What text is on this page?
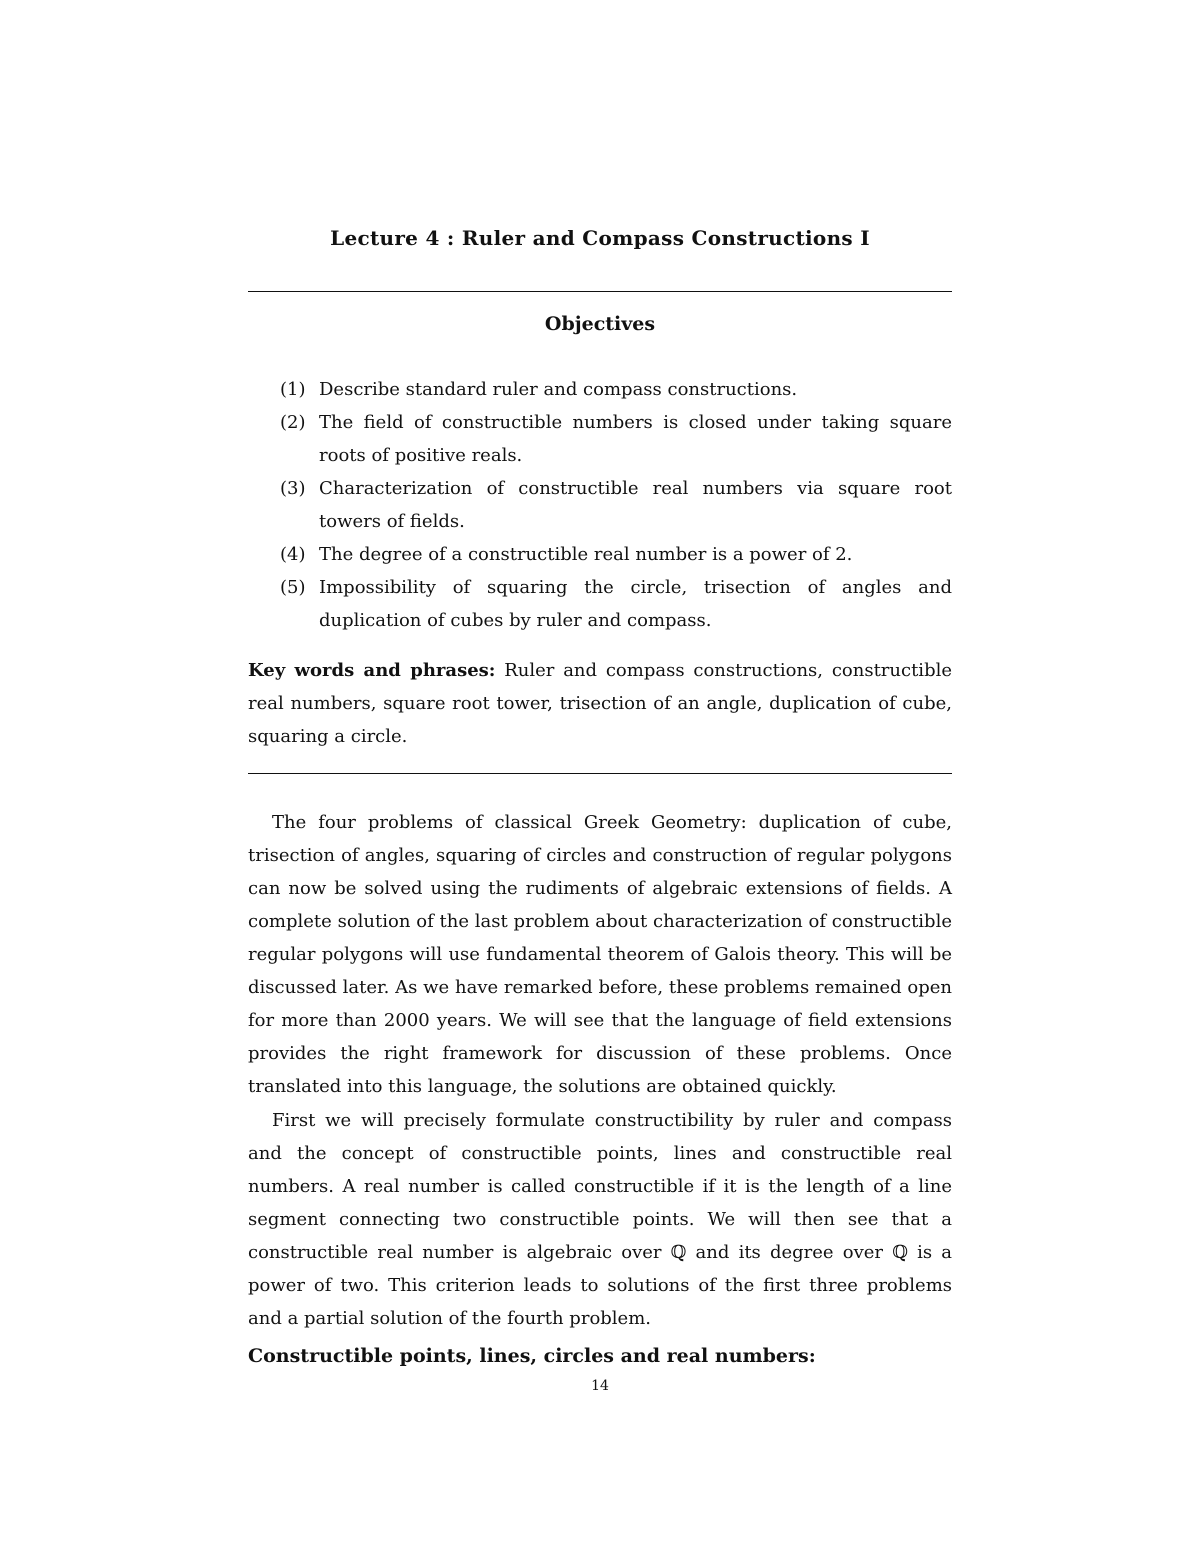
Lecture 4 : Ruler and Compass Constructions I
Objectives
(1) Describe standard ruler and compass constructions.
(2) The field of constructible numbers is closed under taking square roots of positive reals.
(3) Characterization of constructible real numbers via square root towers of fields.
(4) The degree of a constructible real number is a power of 2.
(5) Impossibility of squaring the circle, trisection of angles and duplication of cubes by ruler and compass.
Key words and phrases: Ruler and compass constructions, constructible real numbers, square root tower, trisection of an angle, duplication of cube, squaring a circle.

The four problems of classical Greek Geometry: duplication of cube, trisection of angles, squaring of circles and construction of regular polygons can now be solved using the rudiments of algebraic extensions of fields. A complete solution of the last problem about characterization of constructible regular polygons will use fundamental theorem of Galois theory. This will be discussed later. As we have remarked before, these problems remained open for more than 2000 years. We will see that the language of field extensions provides the right framework for discussion of these problems. Once translated into this language, the solutions are obtained quickly.

First we will precisely formulate constructibility by ruler and compass and the concept of constructible points, lines and constructible real numbers. A real number is called constructible if it is the length of a line segment connecting two constructible points. We will then see that a constructible real number is algebraic over ℚ and its degree over ℚ is a power of two. This criterion leads to solutions of the first three problems and a partial solution of the fourth problem.

Constructible points, lines, circles and real numbers:
14
